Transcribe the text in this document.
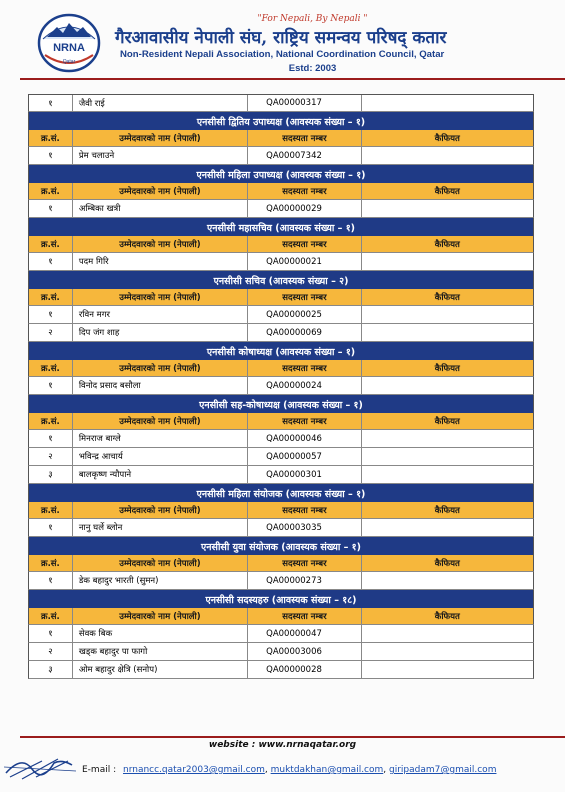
NRNA
Qatar
"For Nepali, By Nepali "
गैरआवासीय नेपाली संघ, राष्ट्रिय समन्वय परिषद् कतार
Non-Resident Nepali Association, National Coordination Council, Qatar
Estd: 2003
१	जैवी राई	QA00000317
एनसीसी द्वितिय उपाध्यक्ष (आवस्यक संख्या – १)
क्र.सं.	उम्मेदवारको नाम (नेपाली)	सदस्यता नम्बर	कैफियत
१	प्रेम चलाउने	QA00007342
एनसीसी महिला उपाध्यक्ष (आवस्यक संख्या – १)
क्र.सं.	उम्मेदवारको नाम (नेपाली)	सदस्यता नम्बर	कैफियत
१	अम्बिका खत्री	QA00000029
एनसीसी महासचिव (आवस्यक संख्या – १)
क्र.सं.	उम्मेदवारको नाम (नेपाली)	सदस्यता नम्बर	कैफियत
१	पदम गिरि	QA00000021
एनसीसी सचिव (आवस्यक संख्या – २)
क्र.सं.	उम्मेदवारको नाम (नेपाली)	सदस्यता नम्बर	कैफियत
१	रविन मगर	QA00000025
२	दिप जंग शाह	QA00000069
एनसीसी कोषाध्यक्ष (आवस्यक संख्या – १)
क्र.सं.	उम्मेदवारको नाम (नेपाली)	सदस्यता नम्बर	कैफियत
१	विनोद प्रसाद बसौला	QA00000024
एनसीसी सह-कोषाध्यक्ष (आवस्यक संख्या – १)
क्र.सं.	उम्मेदवारको नाम (नेपाली)	सदस्यता नम्बर	कैफियत
१	मिनराज बाग्ले	QA00000046
२	भविन्द्र आचार्य	QA00000057
३	बालकृष्ण न्यौपाने	QA00000301
एनसीसी महिला संयोजक (आवस्यक संख्या – १)
क्र.सं.	उम्मेदवारको नाम (नेपाली)	सदस्यता नम्बर	कैफियत
१	नानु घर्ले ब्लोन	QA00003035
एनसीसी युवा संयोजक (आवस्यक संख्या – १)
क्र.सं.	उम्मेदवारको नाम (नेपाली)	सदस्यता नम्बर	कैफियत
१	डेक बहादुर भारती (सुमन)	QA00000273
एनसीसी सदस्यहरु (आवस्यक संख्या – १८)
क्र.सं.	उम्मेदवारको नाम (नेपाली)	सदस्यता नम्बर	कैफियत
१	सेवक बिक	QA00000047
२	खड्क बहादुर पा फागो	QA00003006
३	ओम बहादुर क्षेत्रि (सनोप)	QA00000028
website : www.nrnaqatar.org
E-mail : nrnancc.qatar2003@gmail.com, muktdakhan@gmail.com, giripadam7@gmail.com
